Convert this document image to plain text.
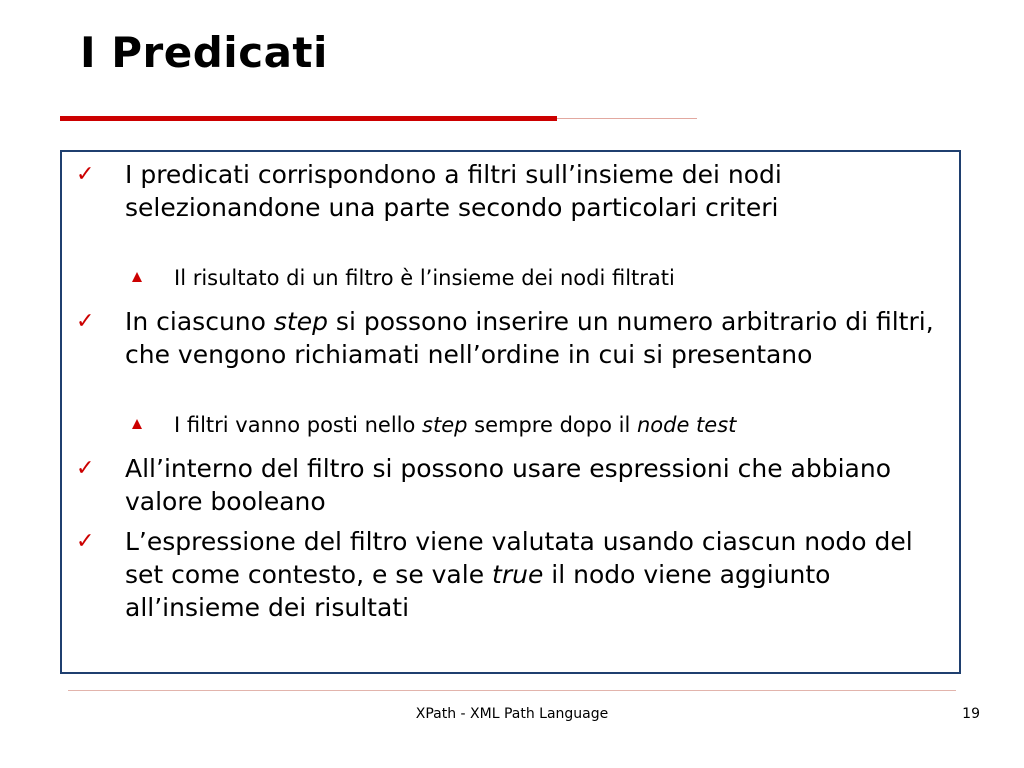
I Predicati
✓ I predicati corrispondono a filtri sull’insieme dei nodi selezionandone una parte secondo particolari criteri
Il risultato di un filtro è l’insieme dei nodi filtrati
✓ In ciascuno step si possono inserire un numero arbitrario di filtri, che vengono richiamati nell’ordine in cui si presentano
I filtri vanno posti nello step sempre dopo il node test
✓ All’interno del filtro si possono usare espressioni che abbiano valore booleano
✓ L’espressione del filtro viene valutata usando ciascun nodo del set come contesto, e se vale true il nodo viene aggiunto all’insieme dei risultati
XPath - XML Path Language	19
